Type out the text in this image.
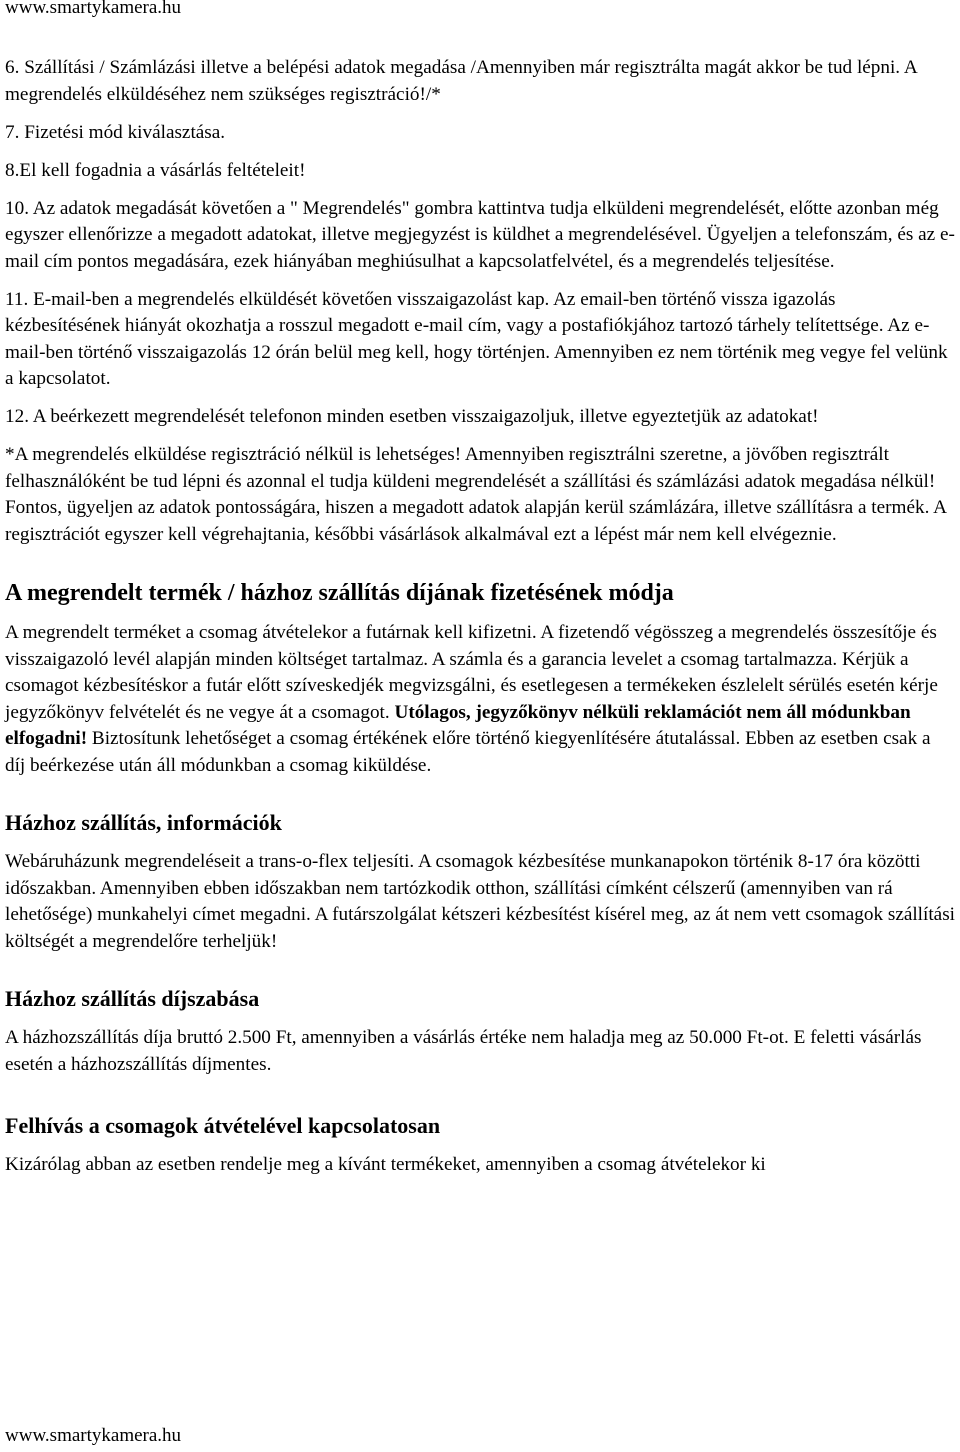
www.smartykamera.hu

6. Szállítási / Számlázási illetve a belépési adatok megadása /Amennyiben már regisztrálta magát akkor be tud lépni. A megrendelés elküldéséhez nem szükséges regisztráció!/*

7. Fizetési mód kiválasztása.

8.El kell fogadnia a vásárlás feltételeit!

10. Az adatok megadását követően a " Megrendelés" gombra kattintva tudja elküldeni megrendelését, előtte azonban még egyszer ellenőrizze a megadott adatokat, illetve megjegyzést is küldhet a megrendelésével. Ügyeljen a telefonszám, és az e-mail cím pontos megadására, ezek hiányában meghiúsulhat a kapcsolatfelvétel, és a megrendelés teljesítése.

11. E-mail-ben a megrendelés elküldését követően visszaigazolást kap. Az email-ben történő vissza igazolás kézbesítésének hiányát okozhatja a rosszul megadott e-mail cím, vagy a postafiókjához tartozó tárhely telítettsége. Az e-mail-ben történő visszaigazolás 12 órán belül meg kell, hogy történjen. Amennyiben ez nem történik meg vegye fel velünk a kapcsolatot.

12. A beérkezett megrendelését telefonon minden esetben visszaigazoljuk, illetve egyeztetjük az adatokat!

*A megrendelés elküldése regisztráció nélkül is lehetséges! Amennyiben regisztrálni szeretne, a jövőben regisztrált felhasználóként be tud lépni és azonnal el tudja küldeni megrendelését a szállítási és számlázási adatok megadása nélkül! Fontos, ügyeljen az adatok pontosságára, hiszen a megadott adatok alapján kerül számlázára, illetve szállításra a termék. A regisztrációt egyszer kell végrehajtania, későbbi vásárlások alkalmával ezt a lépést már nem kell elvégeznie.

A megrendelt termék / házhoz szállítás díjának fizetésének módja

A megrendelt terméket a csomag átvételekor a futárnak kell kifizetni. A fizetendő végösszeg a megrendelés összesítője és visszaigazoló levél alapján minden költséget tartalmaz. A számla és a garancia levelet a csomag tartalmazza. Kérjük a csomagot kézbesítéskor a futár előtt szíveskedjék megvizsgálni, és esetlegesen a termékeken észlelelt sérülés esetén kérje jegyzőkönyv felvételét és ne vegye át a csomagot. Utólagos, jegyzőkönyv nélküli reklamációt nem áll módunkban elfogadni! Biztosítunk lehetőséget a csomag értékének előre történő kiegyenlítésére átutalással. Ebben az esetben csak a díj beérkezése után áll módunkban a csomag kiküldése.

Házhoz szállítás, információk

Webáruházunk megrendeléseit a trans-o-flex teljesíti. A csomagok kézbesítése munkanapokon történik 8-17 óra közötti időszakban. Amennyiben ebben időszakban nem tartózkodik otthon, szállítási címként célszerű (amennyiben van rá lehetősége) munkahelyi címet megadni. A futárszolgálat kétszeri kézbesítést kísérel meg, az át nem vett csomagok szállítási költségét a megrendelőre terheljük!

Házhoz szállítás díjszabása

A házhozszállítás díja bruttó 2.500 Ft, amennyiben a vásárlás értéke nem haladja meg az 50.000 Ft-ot. E feletti vásárlás esetén a házhozszállítás díjmentes.

Felhívás a csomagok átvételével kapcsolatosan

Kizárólag abban az esetben rendelje meg a kívánt termékeket, amennyiben a csomag átvételekor ki

www.smartykamera.hu
